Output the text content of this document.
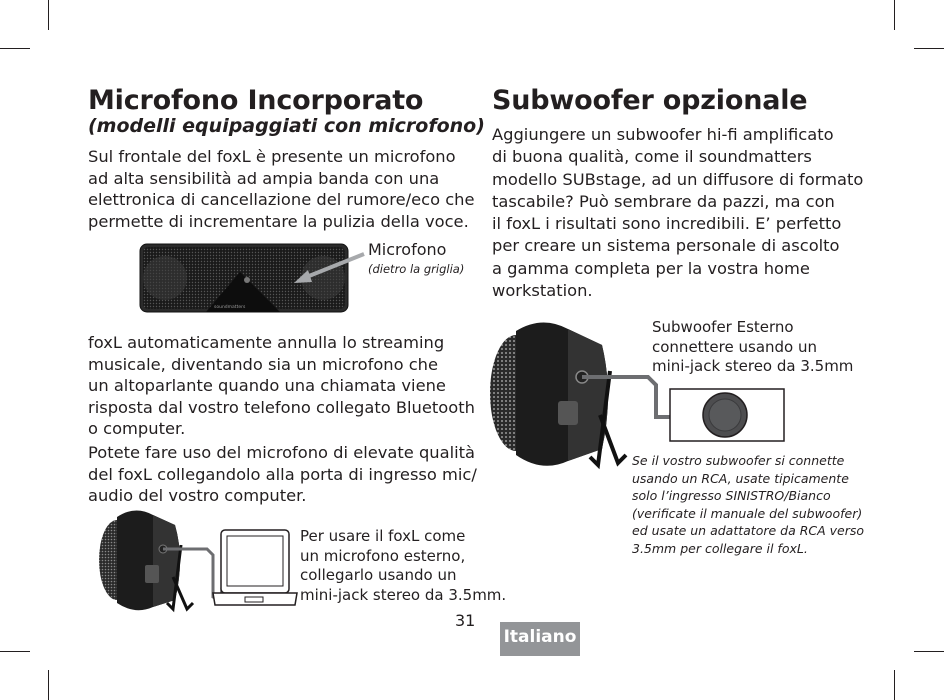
Microfono Incorporato
(modelli equipaggiati con microfono)

Sul frontale del foxL è presente un microfono
ad alta sensibilità ad ampia banda con una
elettronica di cancellazione del rumore/eco che
permette di incrementare la pulizia della voce.

soundmatters
Microfono
(dietro la griglia)

foxL automaticamente annulla lo streaming
musicale, diventando sia un microfono che
un altoparlante quando una chiamata viene
risposta dal vostro telefono collegato Bluetooth
o computer.

Potete fare uso del microfono di elevate qualità
del foxL collegandolo alla porta di ingresso mic/
audio del vostro computer.

Per usare il foxL come
un microfono esterno,
collegarlo usando un
mini-jack stereo da 3.5mm.
Subwoofer opzionale

Aggiungere un subwoofer hi-fi amplificato
di buona qualità, come il soundmatters
modello SUBstage, ad un diffusore di formato
tascabile? Può sembrare da pazzi, ma con
il foxL i risultati sono incredibili. E’ perfetto
per creare un sistema personale di ascolto
a gamma completa per la vostra home
workstation.

Subwoofer Esterno
connettere usando un
mini-jack stereo da 3.5mm
Se il vostro subwoofer si connette
usando un RCA, usate tipicamente
solo l’ingresso SINISTRO/Bianco
(verificate il manuale del subwoofer)
ed usate un adattatore da RCA verso
3.5mm per collegare il foxL.
31
Italiano
